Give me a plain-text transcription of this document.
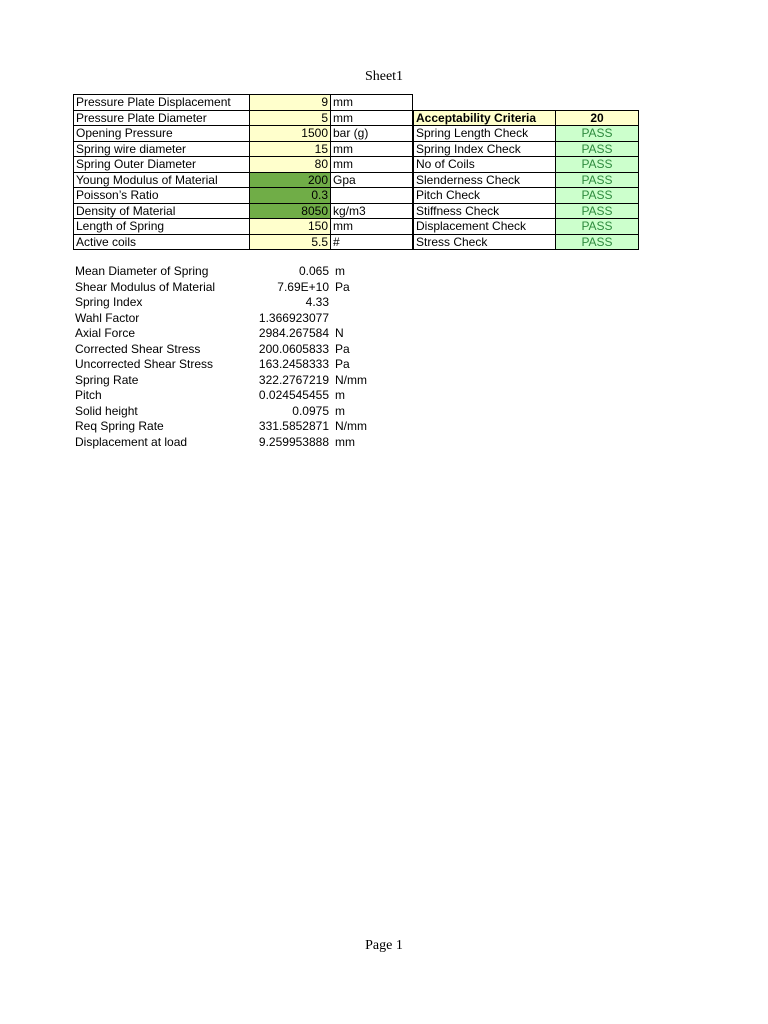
Sheet1
Pressure Plate Displacement	9	mm
Pressure Plate Diameter	5	mm
Opening Pressure	1500	bar (g)
Spring wire diameter	15	mm
Spring Outer Diameter	80	mm
Young Modulus of Material	200	Gpa
Poisson’s Ratio	0.3	
Density of Material	8050	kg/m3
Length of Spring	150	mm
Active coils	5.5	#
Acceptability Criteria	20
Spring Length Check	PASS
Spring Index Check	PASS
No of Coils	PASS
Slenderness Check	PASS
Pitch Check	PASS
Stiffness Check	PASS
Displacement Check	PASS
Stress Check	PASS
Mean Diameter of Spring	0.065	m
Shear Modulus of Material	7.69E+10	Pa
Spring Index	4.33	
Wahl Factor	1.366923077	
Axial Force	2984.267584	N
Corrected Shear Stress	200.0605833	Pa
Uncorrected Shear Stress	163.2458333	Pa
Spring Rate	322.2767219	N/mm
Pitch	0.024545455	m
Solid height	0.0975	m
Req Spring Rate	331.5852871	N/mm
Displacement at load	9.259953888	mm
Page 1
